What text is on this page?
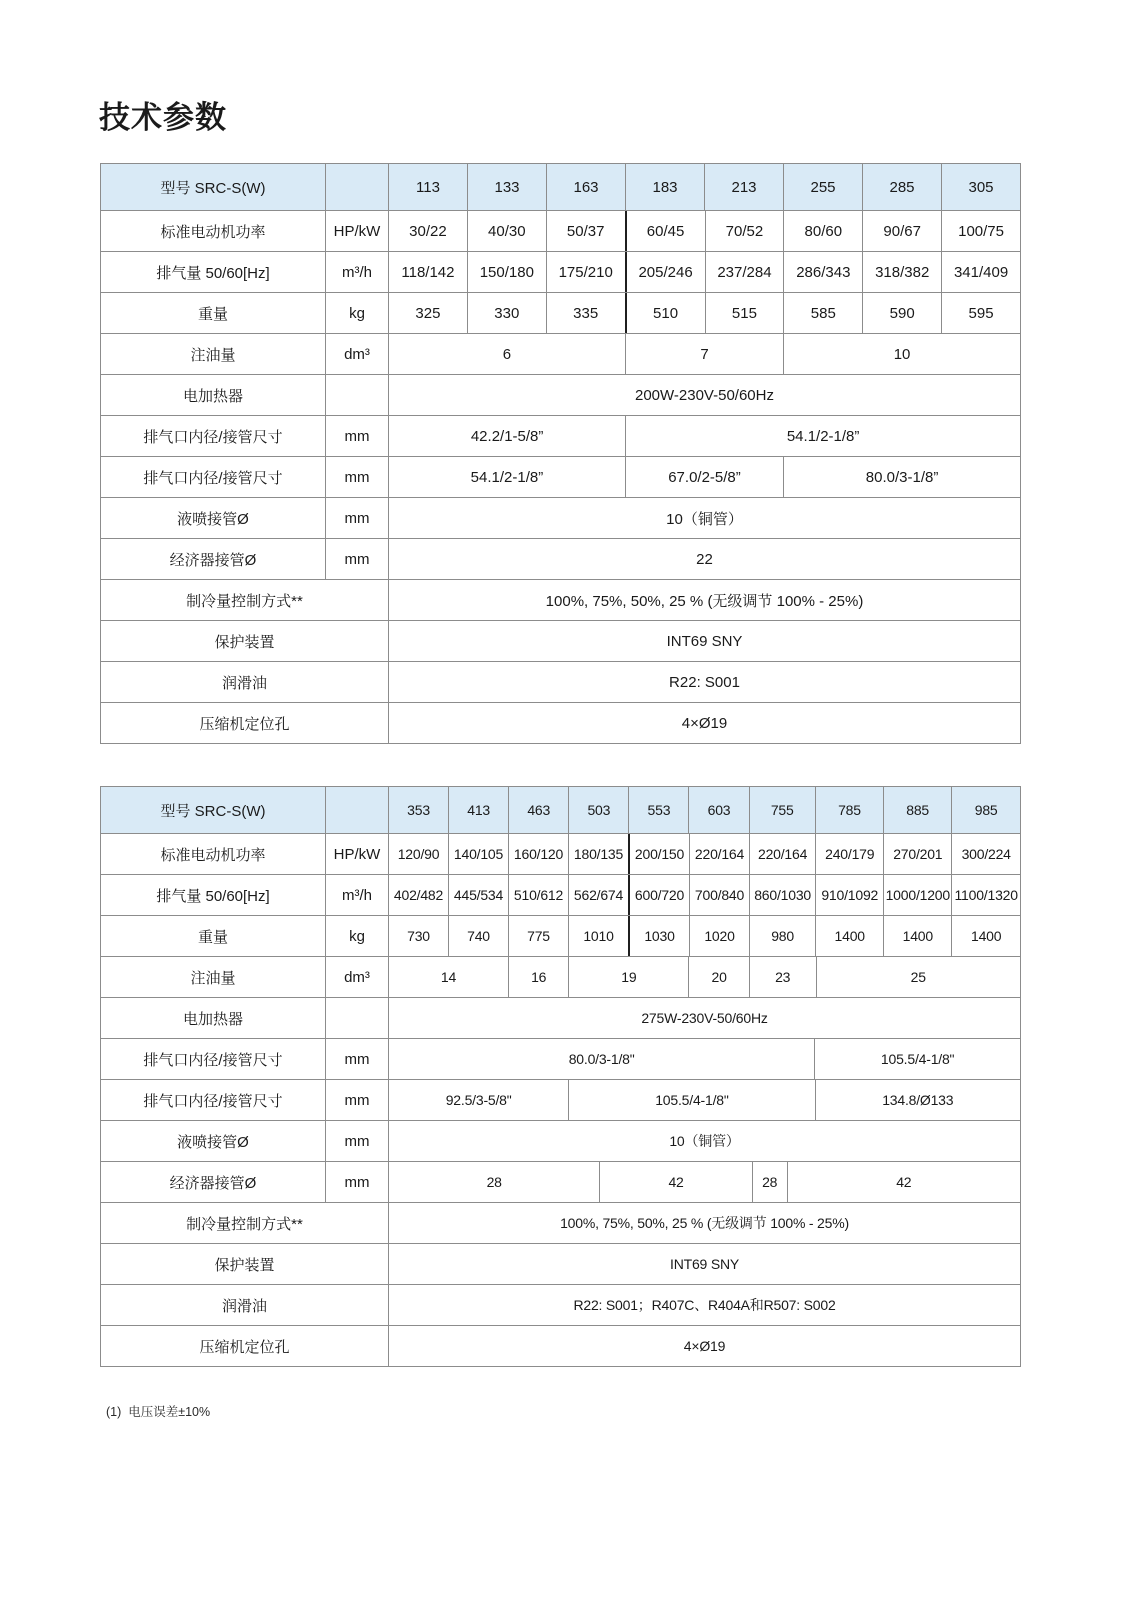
技术参数
型号 SRC-S(W)	113	133	163	183	213	255	285	305
标准电动机功率	HP/kW	30/22	40/30	50/37	60/45	70/52	80/60	90/67	100/75
排气量 50/60[Hz]	m³/h	118/142	150/180	175/210	205/246	237/284	286/343	318/382	341/409
重量	kg	325	330	335	510	515	585	590	595
注油量	dm³	6	7	10
电加热器	200W-230V-50/60Hz
排气口内径/接管尺寸	mm	42.2/1-5/8”	54.1/2-1/8”
排气口内径/接管尺寸	mm	54.1/2-1/8”	67.0/2-5/8”	80.0/3-1/8”
液喷接管Ø	mm	10（铜管）
经济器接管Ø	mm	22
制冷量控制方式**	100%, 75%, 50%, 25 % (无级调节 100% - 25%)
保护装置	INT69 SNY
润滑油	R22: S001
压缩机定位孔	4×Ø19
型号 SRC-S(W)	353	413	463	503	553	603	755	785	885	985
标准电动机功率	HP/kW	120/90	140/105 160/120 180/135 200/150 220/164 220/164	240/179	270/201	300/224
排气量 50/60[Hz]	m³/h	402/482 445/534 510/612 562/674 600/720 700/840 860/1030 910/1092 1000/1200 1100/1320
重量	kg	730	740	775	1010	1030	1020	980	1400	1400	1400
注油量	dm³	14	16	19	20	23	25
电加热器	275W-230V-50/60Hz
排气口内径/接管尺寸	mm	80.0/3-1/8"	105.5/4-1/8"
排气口内径/接管尺寸	mm	92.5/3-5/8"	105.5/4-1/8"	134.8/Ø133
液喷接管Ø	mm	10（铜管）
经济器接管Ø	mm	28	42	28	42
制冷量控制方式**	100%, 75%, 50%, 25 % (无级调节 100% - 25%)
保护装置	INT69 SNY
润滑油	R22: S001；R407C、R404A和R507: S002
压缩机定位孔	4×Ø19
(1)  电压误差±10%
